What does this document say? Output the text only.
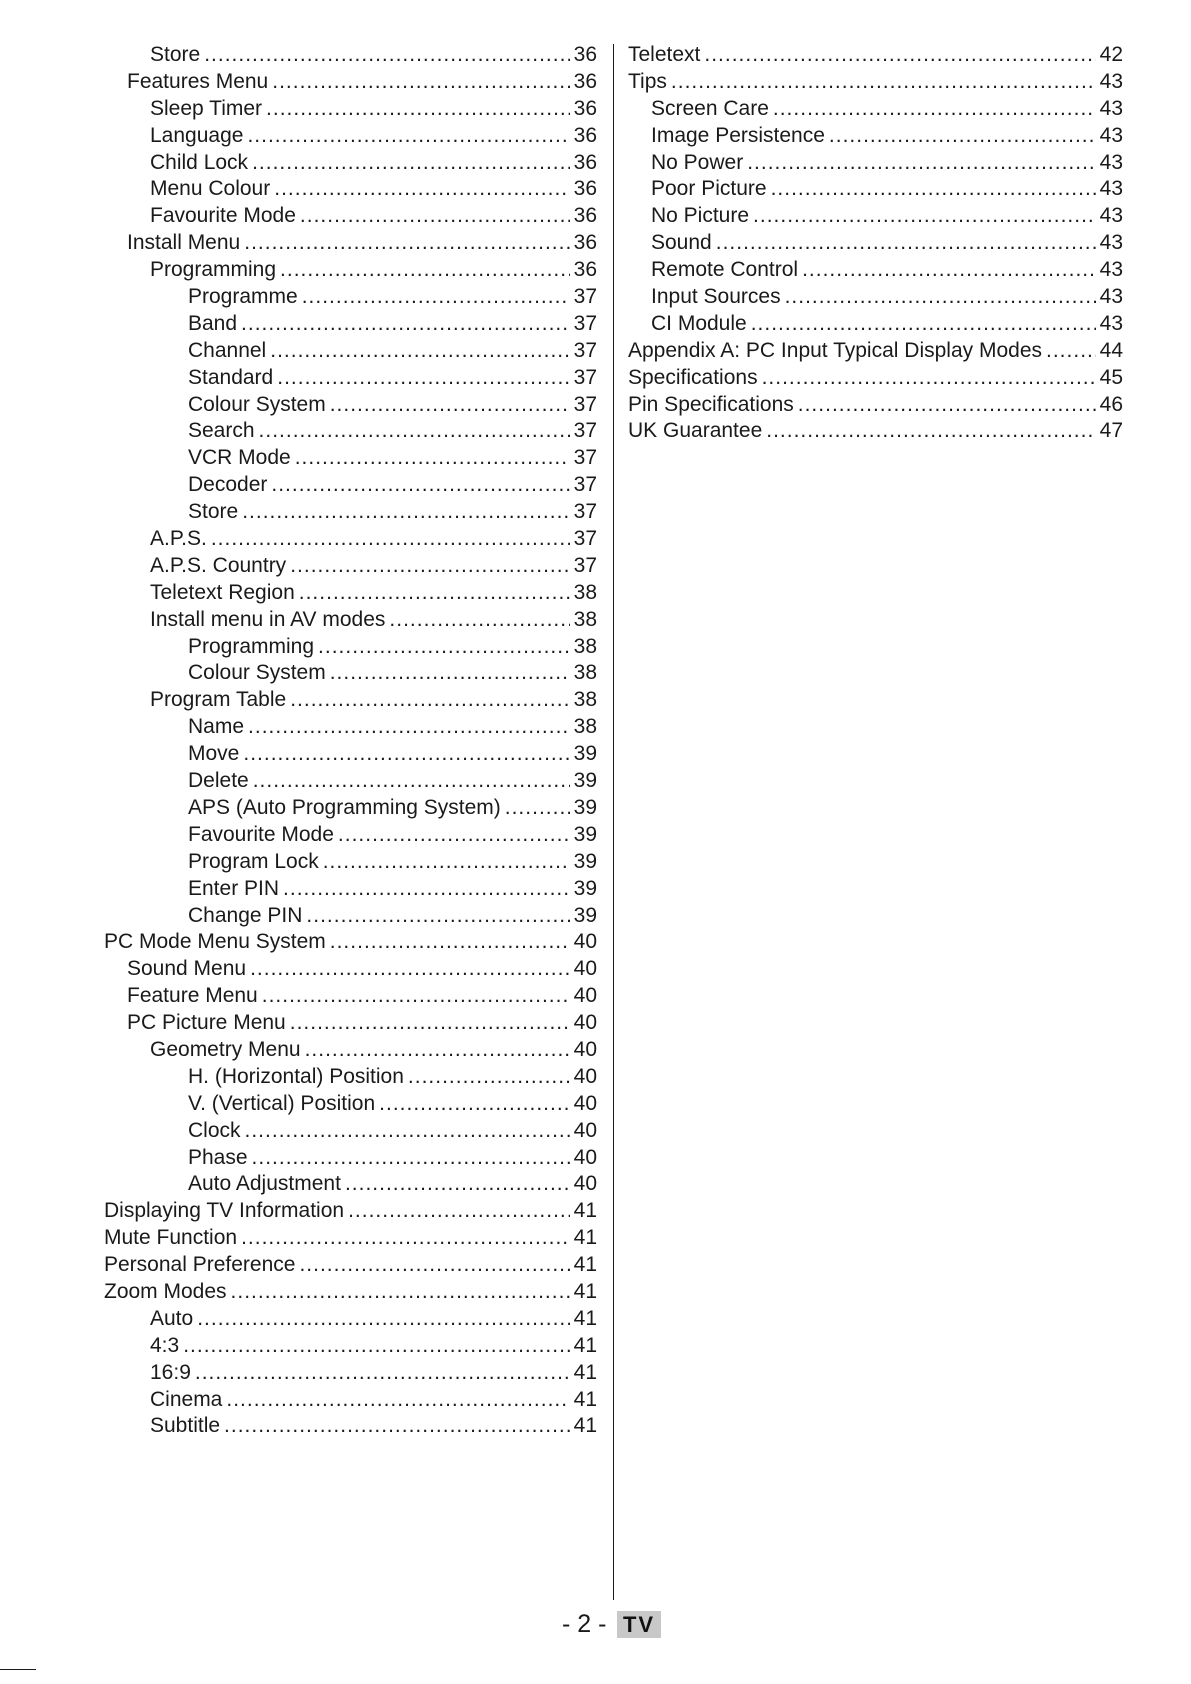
Store .....	36
Features Menu .....	36
Sleep Timer .....	36
Language .....	36
Child Lock .....	36
Menu Colour .....	36
Favourite Mode .....	36
Install Menu .....	36
Programming .....	36
Programme .....	37
Band .....	37
Channel .....	37
Standard .....	37
Colour System .....	37
Search .....	37
VCR Mode .....	37
Decoder .....	37
Store .....	37
A.P.S. .....	37
A.P.S. Country .....	37
Teletext Region .....	38
Install menu in AV modes .....	38
Programming .....	38
Colour System .....	38
Program Table .....	38
Name .....	38
Move .....	39
Delete .....	39
APS (Auto Programming System) .....	39
Favourite Mode .....	39
Program Lock .....	39
Enter PIN .....	39
Change PIN .....	39
PC Mode Menu System .....	40
Sound Menu .....	40
Feature Menu .....	40
PC Picture Menu .....	40
Geometry Menu .....	40
H. (Horizontal) Position .....	40
V. (Vertical) Position .....	40
Clock .....	40
Phase .....	40
Auto Adjustment .....	40
Displaying TV Information .....	41
Mute Function .....	41
Personal Preference .....	41
Zoom Modes .....	41
Auto .....	41
4:3 .....	41
16:9 .....	41
Cinema .....	41
Subtitle .....	41
Teletext .....	42
Tips .....	43
Screen Care .....	43
Image Persistence .....	43
No Power .....	43
Poor Picture .....	43
No Picture .....	43
Sound .....	43
Remote Control .....	43
Input Sources .....	43
CI Module .....	43
Appendix A: PC Input Typical Display Modes .....	44
Specifications .....	45
Pin Specifications .....	46
UK Guarantee .....	47
- 2 - TV
